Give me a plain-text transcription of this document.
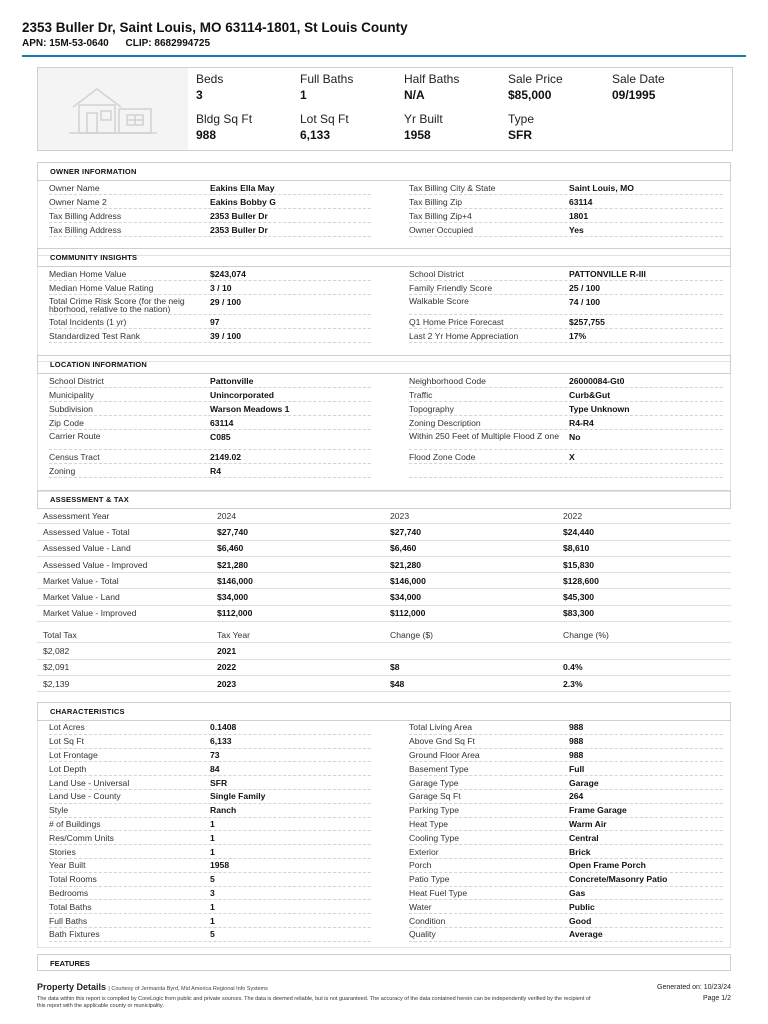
2353 Buller Dr, Saint Louis, MO 63114-1801, St Louis County
APN: 15M-53-0640 CLIP: 8682994725
Beds
3
Full Baths
1
Half Baths
N/A
Sale Price
$85,000
Sale Date
09/1995
Bldg Sq Ft
988
Lot Sq Ft
6,133
Yr Built
1958
Type
SFR
OWNER INFORMATION
Owner Name	Eakins Ella May
Owner Name 2	Eakins Bobby G
Tax Billing Address	2353 Buller Dr
Tax Billing Address	2353 Buller Dr
Tax Billing City & State	Saint Louis, MO
Tax Billing Zip	63114
Tax Billing Zip+4	1801
Owner Occupied	Yes
COMMUNITY INSIGHTS
Median Home Value	$243,074
Median Home Value Rating	3 / 10
Total Crime Risk Score (for the neig hborhood, relative to the nation)
29 / 100
Total Incidents (1 yr)	97
Standardized Test Rank	39 / 100
School District	PATTONVILLE R-III
Family Friendly Score	25 / 100
Walkable Score	74 / 100
Q1 Home Price Forecast	$257,755
Last 2 Yr Home Appreciation	17%
LOCATION INFORMATION
School District	Pattonville
Municipality	Unincorporated
Subdivision	Warson Meadows 1
Zip Code	63114
Carrier Route	C085
Census Tract	2149.02
Zoning	R4
Neighborhood Code	26000084-Gt0
Traffic	Curb&Gut
Topography	Type Unknown
Zoning Description	R4-R4
Within 250 Feet of Multiple Flood Z one	No
Flood Zone Code	X
ASSESSMENT & TAX
Assessment Year	2024	2023	2022
Assessed Value - Total	$27,740	$27,740	$24,440
Assessed Value - Land	$6,460	$6,460	$8,610
Assessed Value - Improved	$21,280	$21,280	$15,830
Market Value - Total	$146,000	$146,000	$128,600
Market Value - Land	$34,000	$34,000	$45,300
Market Value - Improved	$112,000	$112,000	$83,300
Total Tax	Tax Year	Change ($)	Change (%)
$2,082	2021
$2,091	2022	$8	0.4%
$2,139	2023	$48	2.3%
CHARACTERISTICS
Lot Acres	0.1408
Lot Sq Ft	6,133
Lot Frontage	73
Lot Depth	84
Land Use - Universal	SFR
Land Use - County	Single Family
Style	Ranch
# of Buildings	1
Res/Comm Units	1
Stories	1
Year Built	1958
Total Rooms	5
Bedrooms	3
Total Baths	1
Full Baths	1
Bath Fixtures	5
Total Living Area	988
Above Gnd Sq Ft	988
Ground Floor Area	988
Basement Type	Full
Garage Type	Garage
Garage Sq Ft	264
Parking Type	Frame Garage
Heat Type	Warm Air
Cooling Type	Central
Exterior	Brick
Porch	Open Frame Porch
Patio Type	Concrete/Masonry Patio
Heat Fuel Type	Gas
Water	Public
Condition	Good
Quality	Average
FEATURES
Property Details | Courtesy of Jermanita Byrd, Mid America Regional Info Systems	Generated on: 10/23/24
Page 1/2
The data within this report is compiled by CoreLogic from public and private sources. The data is deemed reliable, but is not guaranteed. The accuracy of the data contained herein can be independently verified by the recipient of this report with the applicable county or municipality.
